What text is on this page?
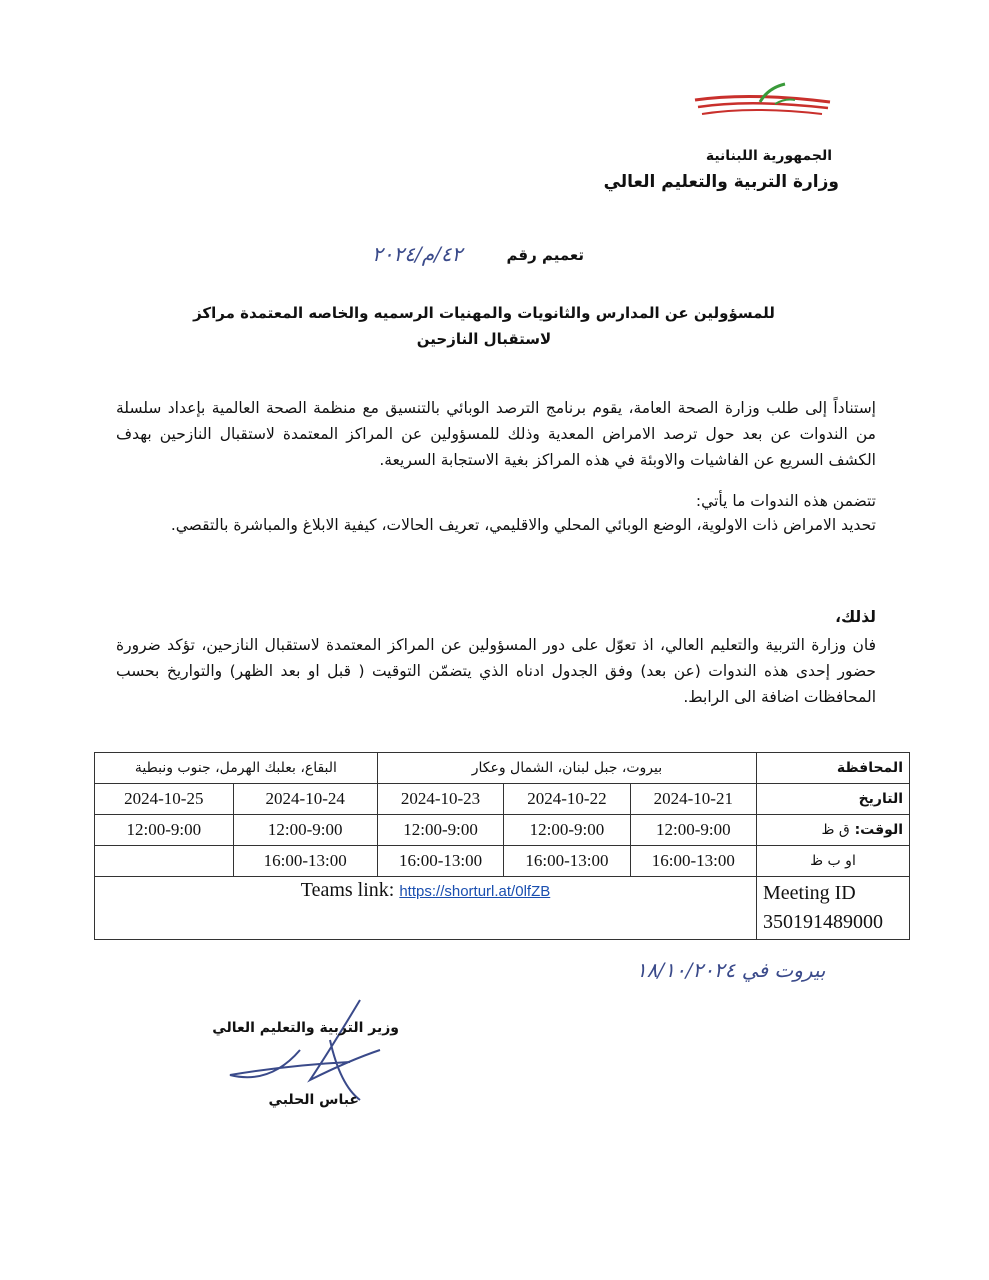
الجمهورية اللبنانية
وزارة التربية والتعليم العالي
تعميم رقم
٤٢/م/٢٠٢٤
للمسؤولين عن المدارس والثانويات والمهنيات الرسميه والخاصه المعتمدة مراكز لاستقبال النازحين
إستناداً إلى طلب وزارة الصحة العامة، يقوم برنامج الترصد الوبائي بالتنسيق مع منظمة الصحة العالمية بإعداد سلسلة من الندوات عن بعد حول ترصد الامراض المعدية وذلك للمسؤولين عن المراكز المعتمدة لاستقبال النازحين بهدف الكشف السريع عن الفاشيات والاوبئة في هذه المراكز بغية الاستجابة السريعة.
تتضمن هذه الندوات ما يأتي:
تحديد الامراض ذات الاولوية، الوضع الوبائي المحلي والاقليمي، تعريف الحالات، كيفية الابلاغ والمباشرة بالتقصي.
لذلك،
فان وزارة التربية والتعليم العالي، اذ تعوّل على دور المسؤولين عن المراكز المعتمدة لاستقبال النازحين، تؤكد ضرورة حضور إحدى هذه الندوات (عن بعد) وفق الجدول ادناه الذي يتضمّن التوقيت ( قبل او بعد الظهر) والتواريخ بحسب المحافظات اضافة الى الرابط.
المحافظة	بيروت، جبل لبنان، الشمال وعكار			البقاع، بعلبك الهرمل، جنوب ونبطية	
التاريخ	2024-10-21	2024-10-22	2024-10-23	2024-10-24	2024-10-25
الوقت: ق ظ	12:00-9:00	12:00-9:00	12:00-9:00	12:00-9:00	12:00-9:00
او ب ظ	16:00-13:00	16:00-13:00	16:00-13:00	16:00-13:00	

Meeting ID
350191489000	Teams link: https://shorturl.at/0lfZB				
بيروت في ١٨/١٠/٢٠٢٤
وزير التربية والتعليم العالي
عباس الحلبي
